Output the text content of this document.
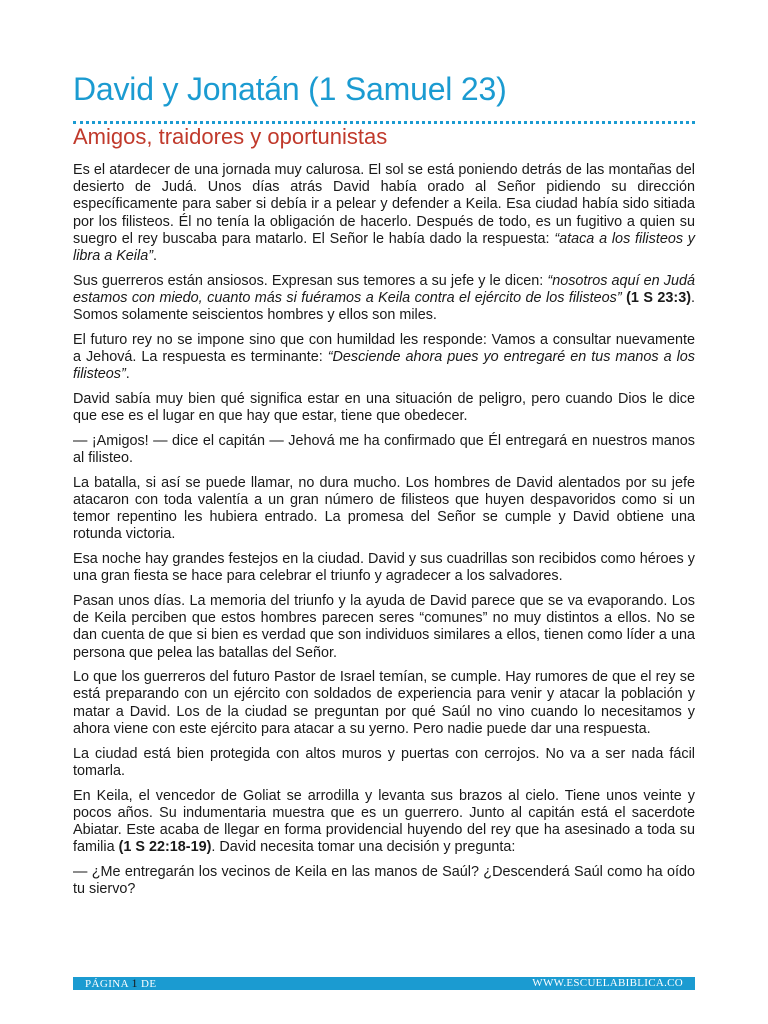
David y Jonatán (1 Samuel 23)
Amigos, traidores y oportunistas

Es el atardecer de una jornada muy calurosa. El sol se está poniendo detrás de las montañas del desierto de Judá. Unos días atrás David había orado al Señor pidiendo su dirección específicamente para saber si debía ir a pelear y defender a Keila. Esa ciudad había sido sitiada por los filisteos. Él no tenía la obligación de hacerlo. Después de todo, es un fugitivo a quien su suegro el rey buscaba para matarlo. El Señor le había dado la respuesta: “ataca a los filisteos y libra a Keila”.

Sus guerreros están ansiosos. Expresan sus temores a su jefe y le dicen: “nosotros aquí en Judá estamos con miedo, cuanto más si fuéramos a Keila contra el ejército de los filisteos” (1 S 23:3). Somos solamente seiscientos hombres y ellos son miles.

El futuro rey no se impone sino que con humildad les responde: Vamos a consultar nuevamente a Jehová. La respuesta es terminante: “Desciende ahora pues yo entregaré en tus manos a los filisteos”.

David sabía muy bien qué significa estar en una situación de peligro, pero cuando Dios le dice que ese es el lugar en que hay que estar, tiene que obedecer.

— ¡Amigos! — dice el capitán — Jehová me ha confirmado que Él entregará en nuestros manos al filisteo.

La batalla, si así se puede llamar, no dura mucho. Los hombres de David alentados por su jefe atacaron con toda valentía a un gran número de filisteos que huyen despavoridos como si un temor repentino les hubiera entrado. La promesa del Señor se cumple y David obtiene una rotunda victoria.

Esa noche hay grandes festejos en la ciudad. David y sus cuadrillas son recibidos como héroes y una gran fiesta se hace para celebrar el triunfo y agradecer a los salvadores.

Pasan unos días. La memoria del triunfo y la ayuda de David parece que se va evaporando. Los de Keila perciben que estos hombres parecen seres “comunes” no muy distintos a ellos. No se dan cuenta de que si bien es verdad que son individuos similares a ellos, tienen como líder a una persona que pelea las batallas del Señor.

Lo que los guerreros del futuro Pastor de Israel temían, se cumple. Hay rumores de que el rey se está preparando con un ejército con soldados de experiencia para venir y atacar la población y matar a David. Los de la ciudad se preguntan por qué Saúl no vino cuando lo necesitamos y ahora viene con este ejército para atacar a su yerno. Pero nadie puede dar una respuesta.

La ciudad está bien protegida con altos muros y puertas con cerrojos. No va a ser nada fácil tomarla.

En Keila, el vencedor de Goliat se arrodilla y levanta sus brazos al cielo. Tiene unos veinte y pocos años. Su indumentaria muestra que es un guerrero. Junto al capitán está el sacerdote Abiatar. Este acaba de llegar en forma providencial huyendo del rey que ha asesinado a toda su familia (1 S 22:18-19). David necesita tomar una decisión y pregunta:

— ¿Me entregarán los vecinos de Keila en las manos de Saúl? ¿Descenderá Saúl como ha oído tu siervo?

PÁGINA 1 DE	WWW.ESCUELABIBLICA.CO
